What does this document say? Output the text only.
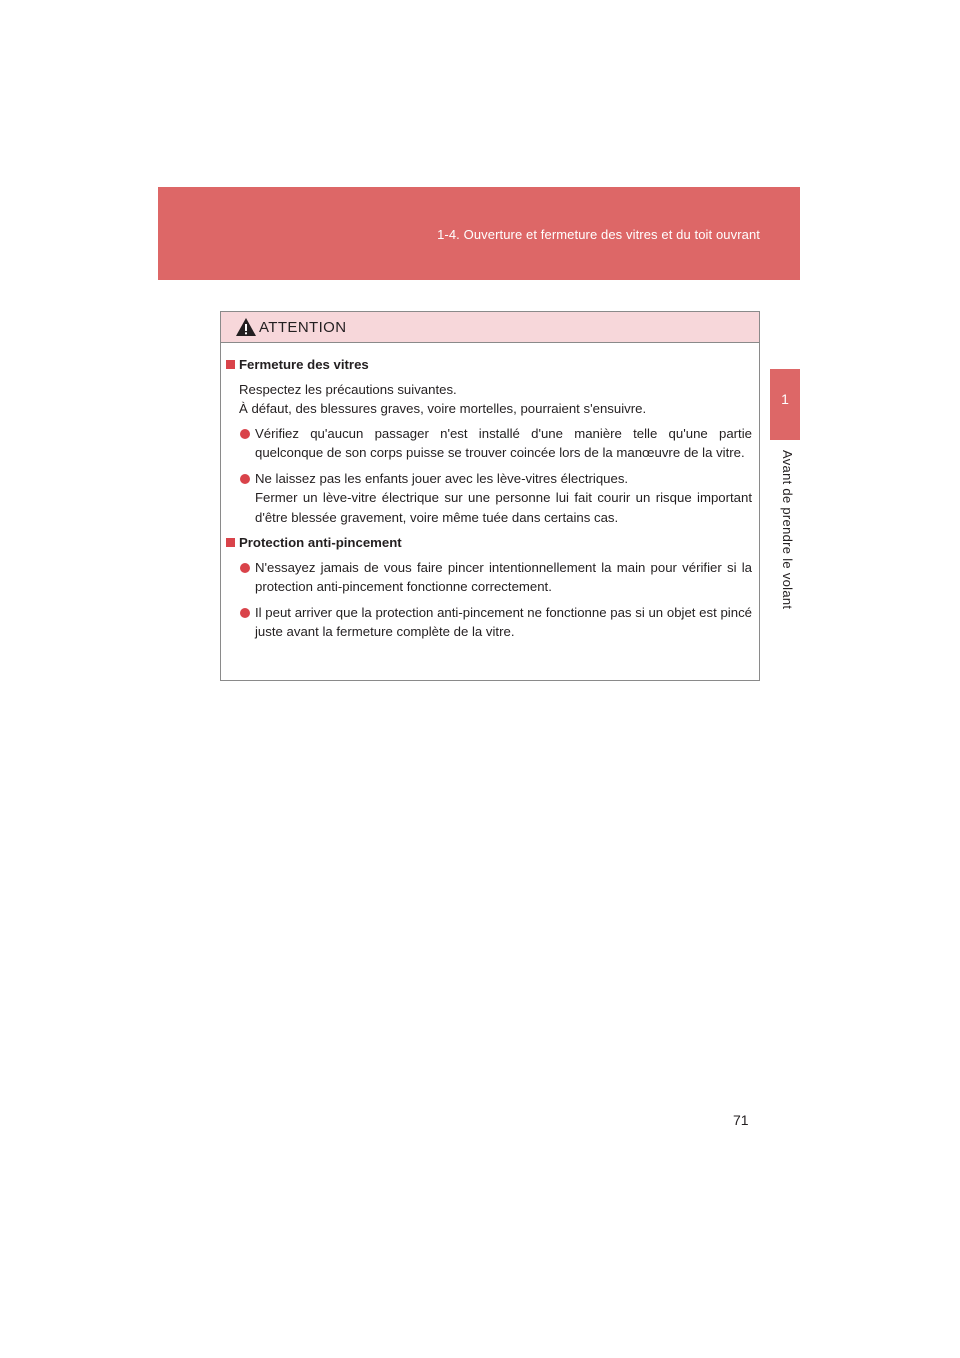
1-4. Ouverture et fermeture des vitres et du toit ouvrant
1
Avant de prendre le volant
ATTENTION
Fermeture des vitres
Respectez les précautions suivantes.
À défaut, des blessures graves, voire mortelles, pourraient s'ensuivre.
Vérifiez qu'aucun passager n'est installé d'une manière telle qu'une partie quelconque de son corps puisse se trouver coincée lors de la manœuvre de la vitre.
Ne laissez pas les enfants jouer avec les lève-vitres électriques.
Fermer un lève-vitre électrique sur une personne lui fait courir un risque important d'être blessée gravement, voire même tuée dans certains cas.
Protection anti-pincement
N'essayez jamais de vous faire pincer intentionnellement la main pour vérifier si la protection anti-pincement fonctionne correctement.
Il peut arriver que la protection anti-pincement ne fonctionne pas si un objet est pincé juste avant la fermeture complète de la vitre.
71
